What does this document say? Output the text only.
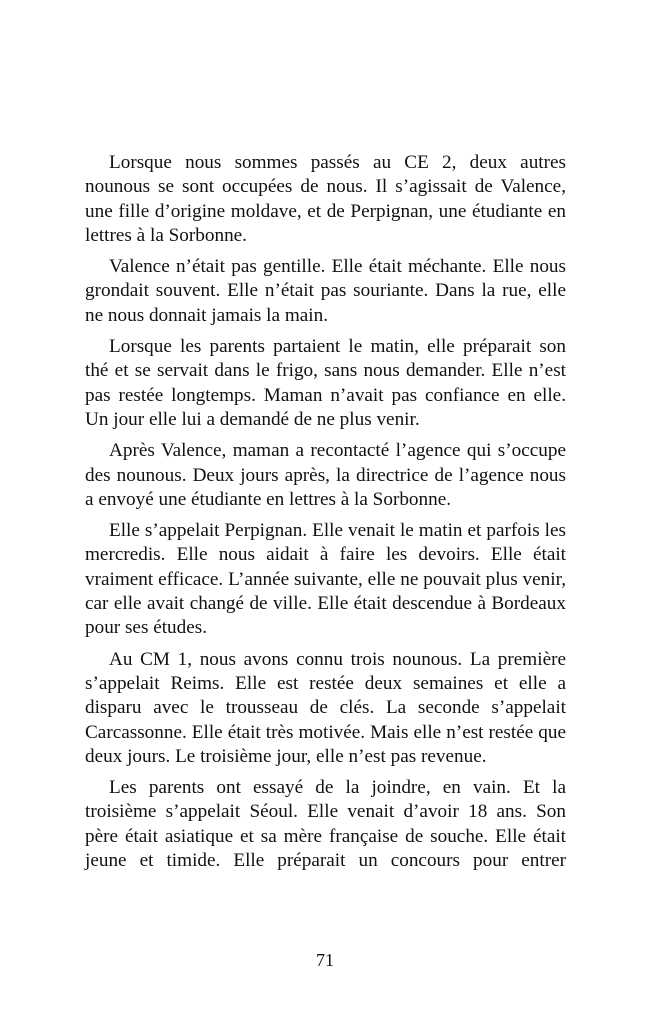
Lorsque nous sommes passés au CE 2, deux autres nounous se sont occupées de nous. Il s’agissait de Valence, une fille d’origine moldave, et de Perpignan, une étudiante en lettres à la Sorbonne.

Valence n’était pas gentille. Elle était méchante. Elle nous grondait souvent. Elle n’était pas souriante. Dans la rue, elle ne nous donnait jamais la main.

Lorsque les parents partaient le matin, elle préparait son thé et se servait dans le frigo, sans nous demander. Elle n’est pas restée longtemps. Maman n’avait pas confiance en elle. Un jour elle lui a demandé de ne plus venir.

Après Valence, maman a recontacté l’agence qui s’occupe des nounous. Deux jours après, la directrice de l’agence nous a envoyé une étudiante en lettres à la Sorbonne.

Elle s’appelait Perpignan. Elle venait le matin et parfois les mercredis. Elle nous aidait à faire les devoirs. Elle était vraiment efficace. L’année suivante, elle ne pouvait plus venir, car elle avait changé de ville. Elle était descendue à Bordeaux pour ses études.

Au CM 1, nous avons connu trois nounous. La première s’appelait Reims. Elle est restée deux semaines et elle a disparu avec le trousseau de clés. La seconde s’appelait Carcassonne. Elle était très motivée. Mais elle n’est restée que deux jours. Le troisième jour, elle n’est pas revenue.

Les parents ont essayé de la joindre, en vain. Et la troisième s’appelait Séoul. Elle venait d’avoir 18 ans. Son père était asiatique et sa mère française de souche. Elle était jeune et timide. Elle préparait un concours pour entrer

71
